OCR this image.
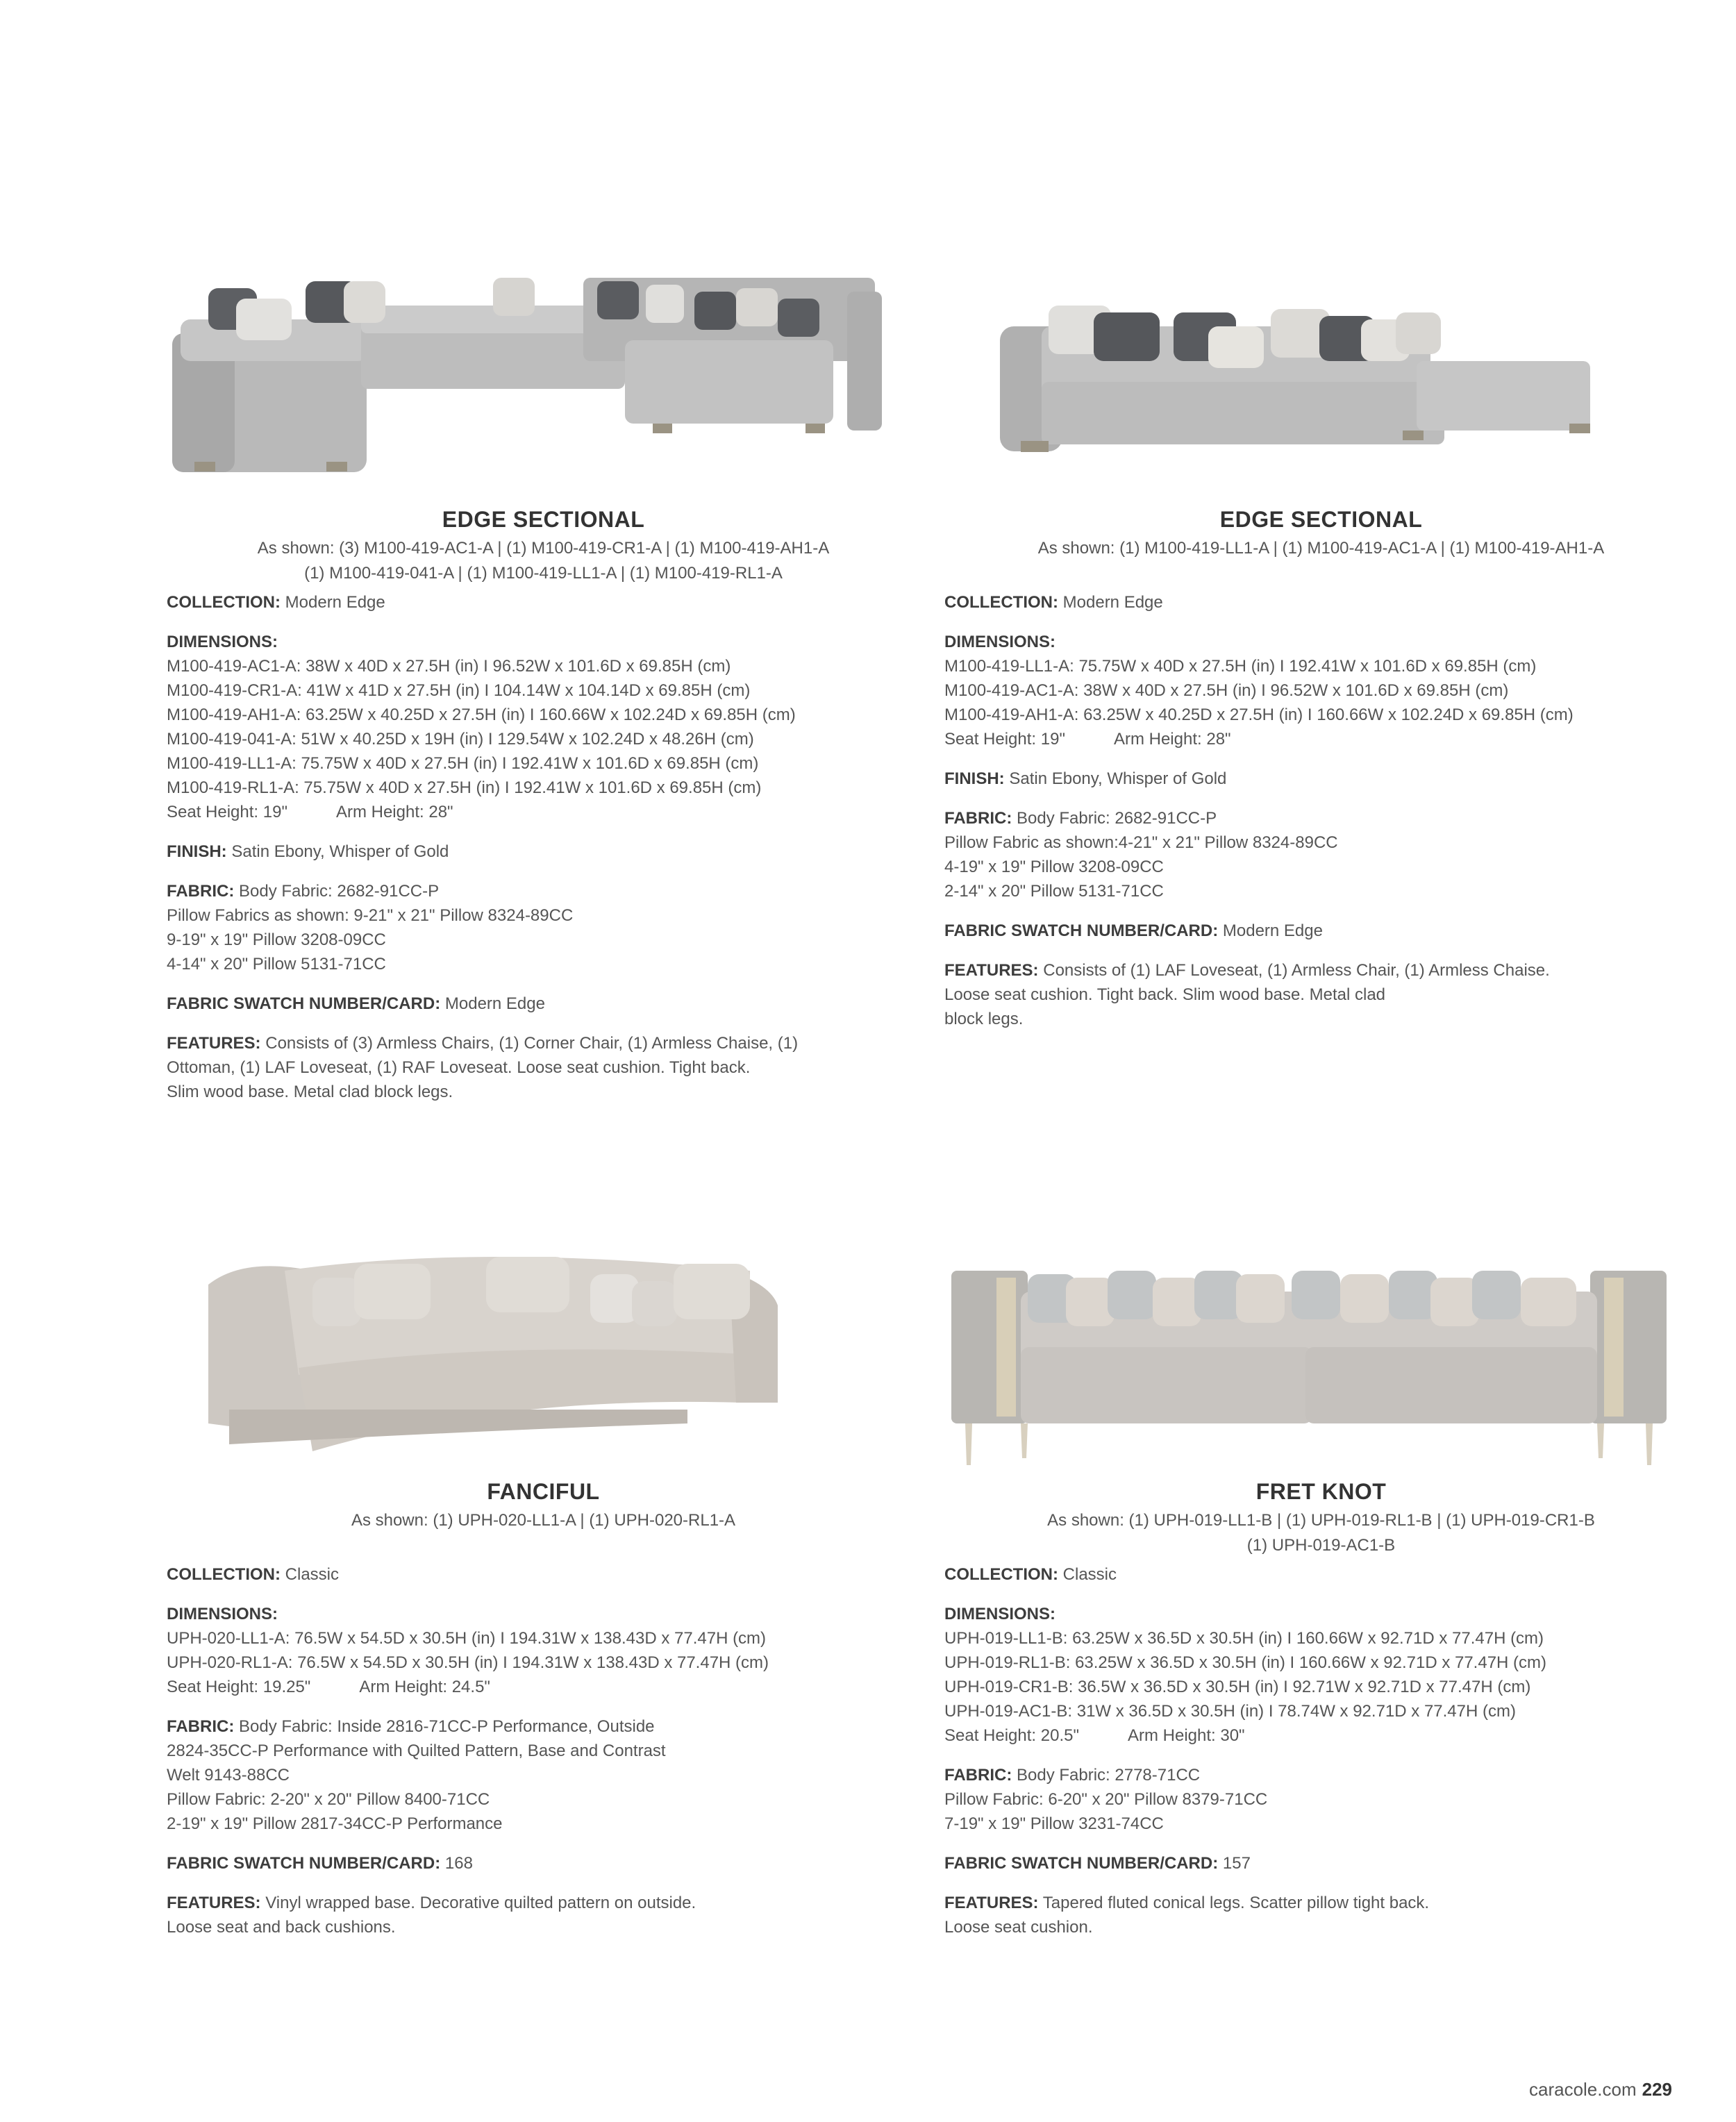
EDGE SECTIONAL
As shown: (3) M100-419-AC1-A | (1) M100-419-CR1-A | (1) M100-419-AH1-A
(1) M100-419-041-A | (1) M100-419-LL1-A | (1) M100-419-RL1-A
COLLECTION: Modern Edge
DIMENSIONS:
M100-419-AC1-A: 38W x 40D x 27.5H (in) I 96.52W x 101.6D x 69.85H (cm)
M100-419-CR1-A: 41W x 41D x 27.5H (in) I 104.14W x 104.14D x 69.85H (cm)
M100-419-AH1-A: 63.25W x 40.25D x 27.5H (in) I 160.66W x 102.24D x 69.85H (cm)
M100-419-041-A: 51W x 40.25D x 19H (in) I 129.54W x 102.24D x 48.26H (cm)
M100-419-LL1-A: 75.75W x 40D x 27.5H (in) I 192.41W x 101.6D x 69.85H (cm)
M100-419-RL1-A: 75.75W x 40D x 27.5H (in) I 192.41W x 101.6D x 69.85H (cm)
Seat Height: 19"	Arm Height: 28"
FINISH: Satin Ebony, Whisper of Gold
FABRIC: Body Fabric: 2682-91CC-P
Pillow Fabrics as shown: 9-21" x 21" Pillow 8324-89CC
9-19" x 19" Pillow 3208-09CC
4-14" x 20" Pillow 5131-71CC
FABRIC SWATCH NUMBER/CARD: Modern Edge
FEATURES: Consists of (3) Armless Chairs, (1) Corner Chair, (1) Armless Chaise, (1)
Ottoman, (1) LAF Loveseat, (1) RAF Loveseat. Loose seat cushion. Tight back.
Slim wood base. Metal clad block legs.
EDGE SECTIONAL
As shown: (1) M100-419-LL1-A | (1) M100-419-AC1-A | (1) M100-419-AH1-A
COLLECTION: Modern Edge
DIMENSIONS:
M100-419-LL1-A: 75.75W x 40D x 27.5H (in) I 192.41W x 101.6D x 69.85H (cm)
M100-419-AC1-A: 38W x 40D x 27.5H (in) I 96.52W x 101.6D x 69.85H (cm)
M100-419-AH1-A: 63.25W x 40.25D x 27.5H (in) I 160.66W x 102.24D x 69.85H (cm)
Seat Height: 19"	Arm Height: 28"
FINISH: Satin Ebony, Whisper of Gold
FABRIC: Body Fabric: 2682-91CC-P
Pillow Fabric as shown:4-21" x 21" Pillow 8324-89CC
4-19" x 19" Pillow 3208-09CC
2-14" x 20" Pillow 5131-71CC
FABRIC SWATCH NUMBER/CARD: Modern Edge
FEATURES: Consists of (1) LAF Loveseat, (1) Armless Chair, (1) Armless Chaise.
Loose seat cushion. Tight back. Slim wood base. Metal clad
block legs.
FANCIFUL
As shown: (1) UPH-020-LL1-A | (1) UPH-020-RL1-A
COLLECTION: Classic
DIMENSIONS:
UPH-020-LL1-A: 76.5W x 54.5D x 30.5H (in) I 194.31W x 138.43D x 77.47H (cm)
UPH-020-RL1-A: 76.5W x 54.5D x 30.5H (in) I 194.31W x 138.43D x 77.47H (cm)
Seat Height: 19.25"	Arm Height: 24.5"
FABRIC: Body Fabric: Inside 2816-71CC-P Performance, Outside
2824-35CC-P Performance with Quilted Pattern, Base and Contrast
Welt 9143-88CC
Pillow Fabric: 2-20" x 20" Pillow 8400-71CC
2-19" x 19" Pillow 2817-34CC-P Performance
FABRIC SWATCH NUMBER/CARD: 168
FEATURES: Vinyl wrapped base. Decorative quilted pattern on outside.
Loose seat and back cushions.
FRET KNOT
As shown: (1) UPH-019-LL1-B | (1) UPH-019-RL1-B | (1) UPH-019-CR1-B
(1) UPH-019-AC1-B
COLLECTION: Classic
DIMENSIONS:
UPH-019-LL1-B: 63.25W x 36.5D x 30.5H (in) I 160.66W x 92.71D x 77.47H (cm)
UPH-019-RL1-B: 63.25W x 36.5D x 30.5H (in) I 160.66W x 92.71D x 77.47H (cm)
UPH-019-CR1-B: 36.5W x 36.5D x 30.5H (in) I 92.71W x 92.71D x 77.47H (cm)
UPH-019-AC1-B: 31W x 36.5D x 30.5H (in) I 78.74W x 92.71D x 77.47H (cm)
Seat Height: 20.5"	Arm Height: 30"
FABRIC: Body Fabric: 2778-71CC
Pillow Fabric: 6-20" x 20" Pillow 8379-71CC
7-19" x 19" Pillow 3231-74CC
FABRIC SWATCH NUMBER/CARD: 157
FEATURES: Tapered fluted conical legs. Scatter pillow tight back.
Loose seat cushion.
caracole.com 229
